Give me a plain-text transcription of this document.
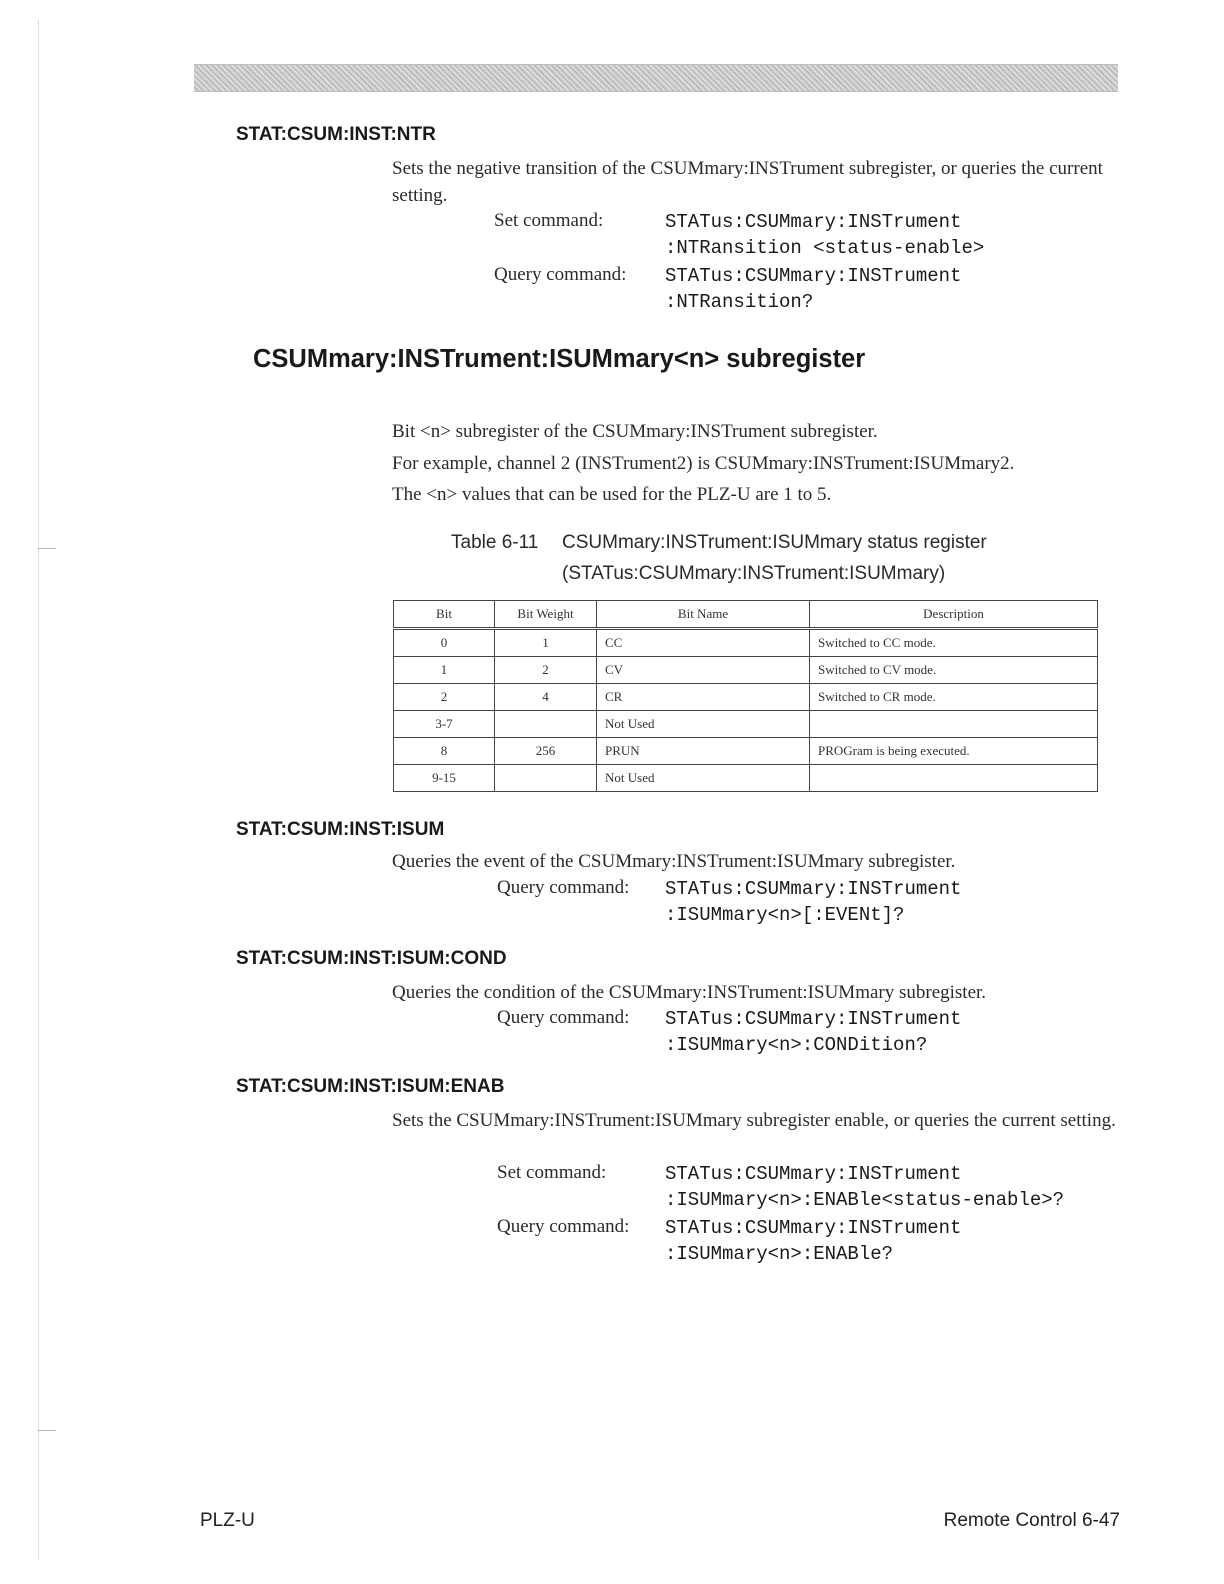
STAT:CSUM:INST:NTR

Sets the negative transition of the CSUMmary:INSTrument subregister, or queries the current setting.

Set command:	STATus:CSUMmary:INSTrument
:NTRansition <status-enable>
Query command: STATus:CSUMmary:INSTrument
:NTRansition?
CSUMmary:INSTrument:ISUMmary<n> subregister

Bit <n> subregister of the CSUMmary:INSTrument subregister.

For example, channel 2 (INSTrument2) is CSUMmary:INSTrument:ISUMmary2.

The <n> values that can be used for the PLZ-U are 1 to 5.

Table 6-11 CSUMmary:INSTrument:ISUMmary status register
(STATus:CSUMmary:INSTrument:ISUMmary)
Bit	Bit Weight	Bit Name	Description
0	1	CC	Switched to CC mode.
1	2	CV	Switched to CV mode.
2	4	CR	Switched to CR mode.
3-7		Not Used	
8	256	PRUN	PROGram is being executed.
9-15		Not Used	
STAT:CSUM:INST:ISUM

Queries the event of the CSUMmary:INSTrument:ISUMmary subregister.

Query command: STATus:CSUMmary:INSTrument
:ISUMmary<n>[:EVENt]?
STAT:CSUM:INST:ISUM:COND

Queries the condition of the CSUMmary:INSTrument:ISUMmary subregister.

Query command: STATus:CSUMmary:INSTrument
:ISUMmary<n>:CONDition?
STAT:CSUM:INST:ISUM:ENAB

Sets the CSUMmary:INSTrument:ISUMmary subregister enable, or queries the current setting.

Set command:	STATus:CSUMmary:INSTrument
:ISUMmary<n>:ENABle<status-enable>?
Query command: STATus:CSUMmary:INSTrument
:ISUMmary<n>:ENABle?
PLZ-U	Remote Control 6-47
